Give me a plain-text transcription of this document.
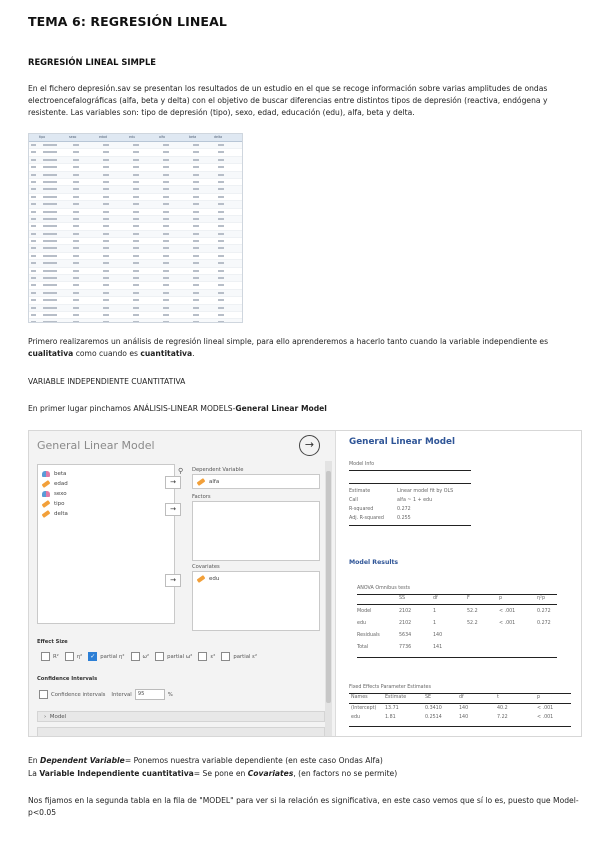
TEMA 6: REGRESIÓN LINEAL
REGRESIÓN LINEAL SIMPLE
En el fichero depresión.sav se presentan los resultados de un estudio en el que se recoge información sobre varias amplitudes de ondas electroencefalográficas (alfa, beta y delta) con el objetivo de buscar diferencias entre distintos tipos de depresión (reactiva, endógena y resistente. Las variables son: tipo de depresión (tipo), sexo, edad, educación (edu), alfa, beta y delta.
tipo	sexo	edad	edu	alfa	beta	delta
Primero realizaremos un análisis de regresión lineal simple, para ello aprenderemos a hacerlo tanto cuando la variable independiente es cualitativa como cuando es cuantitativa.
VARIABLE INDEPENDIENTE CUANTITATIVA
En primer lugar pinchamos ANÁLISIS-LINEAR MODELS-General Linear Model
General Linear Model	→
beta
edad
sexo
tipo
delta
⚲ Dependent Variable
→	alfa
Factors
→
Covariates
→	edu
Effect Size
R²	η²	✓ partial η²	ω²	partial ω²	ε²	partial ε²
Confidence Intervals
Confidence intervals Interval	95	%
›  Model
General Linear Model
Model Info
Estimate	Linear model fit by OLS
Call	alfa ~ 1 + edu
R-squared	0.272
Adj. R-squared	0.255
Model Results
ANOVA Omnibus tests
SS	df	F	p	η²p
Model	2102	1	52.2	< .001	0.272
edu	2102	1	52.2	< .001	0.272
Residuals	5634	140
Total	7736	141
Fixed Effects Parameter Estimates
Names	Estimate	SE	df	t	p
(Intercept) 13.71	0.3410	140	40.2	< .001
edu	1.81	0.2514	140	7.22	< .001
En Dependent Variable= Ponemos nuestra variable dependiente (en este caso Ondas Alfa)
La Variable Independiente cuantitativa= Se pone en Covariates, (en factors no se permite)
Nos fijamos en la segunda tabla en la fila de "MODEL" para ver si la relación es significativa, en este caso vemos que sí lo es, puesto que Model-p<0.05
